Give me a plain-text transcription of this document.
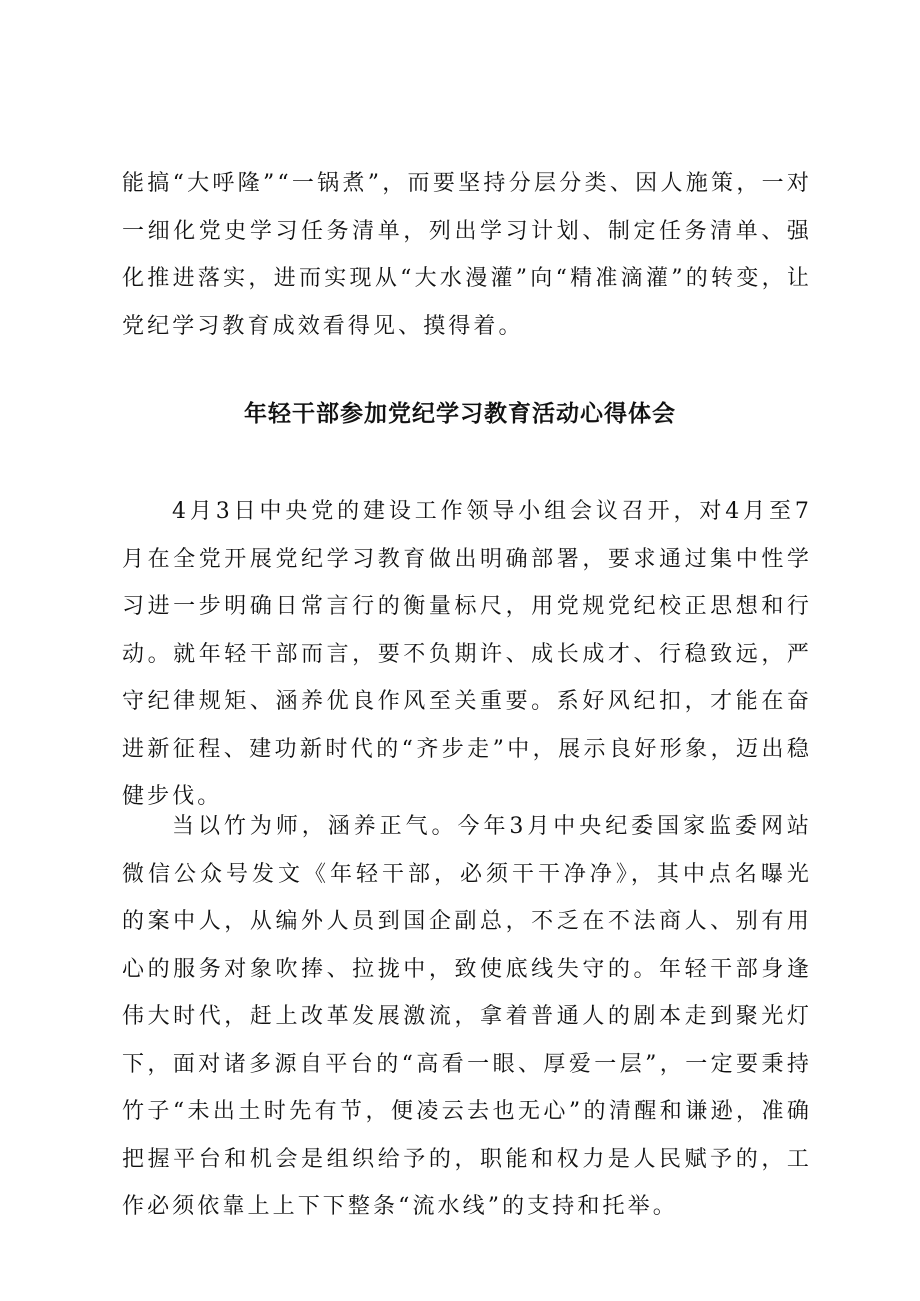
能搞“大呼隆”“一锅煮”，而要坚持分层分类、因人施策，一对一细化党史学习任务清单，列出学习计划、制定任务清单、强化推进落实，进而实现从“大水漫灌”向“精准滴灌”的转变，让党纪学习教育成效看得见、摸得着。

年轻干部参加党纪学习教育活动心得体会

4月3日中央党的建设工作领导小组会议召开，对4月至7月在全党开展党纪学习教育做出明确部署，要求通过集中性学习进一步明确日常言行的衡量标尺，用党规党纪校正思想和行动。就年轻干部而言，要不负期许、成长成才、行稳致远，严守纪律规矩、涵养优良作风至关重要。系好风纪扣，才能在奋进新征程、建功新时代的“齐步走”中，展示良好形象，迈出稳健步伐。

当以竹为师，涵养正气。今年3月中央纪委国家监委网站微信公众号发文《年轻干部，必须干干净净》，其中点名曝光的案中人，从编外人员到国企副总，不乏在不法商人、别有用心的服务对象吹捧、拉拢中，致使底线失守的。年轻干部身逢伟大时代，赶上改革发展激流，拿着普通人的剧本走到聚光灯下，面对诸多源自平台的“高看一眼、厚爱一层”，一定要秉持竹子“未出土时先有节，便凌云去也无心”的清醒和谦逊，准确把握平台和机会是组织给予的，职能和权力是人民赋予的，工作必须依靠上上下下整条“流水线”的支持和托举。
